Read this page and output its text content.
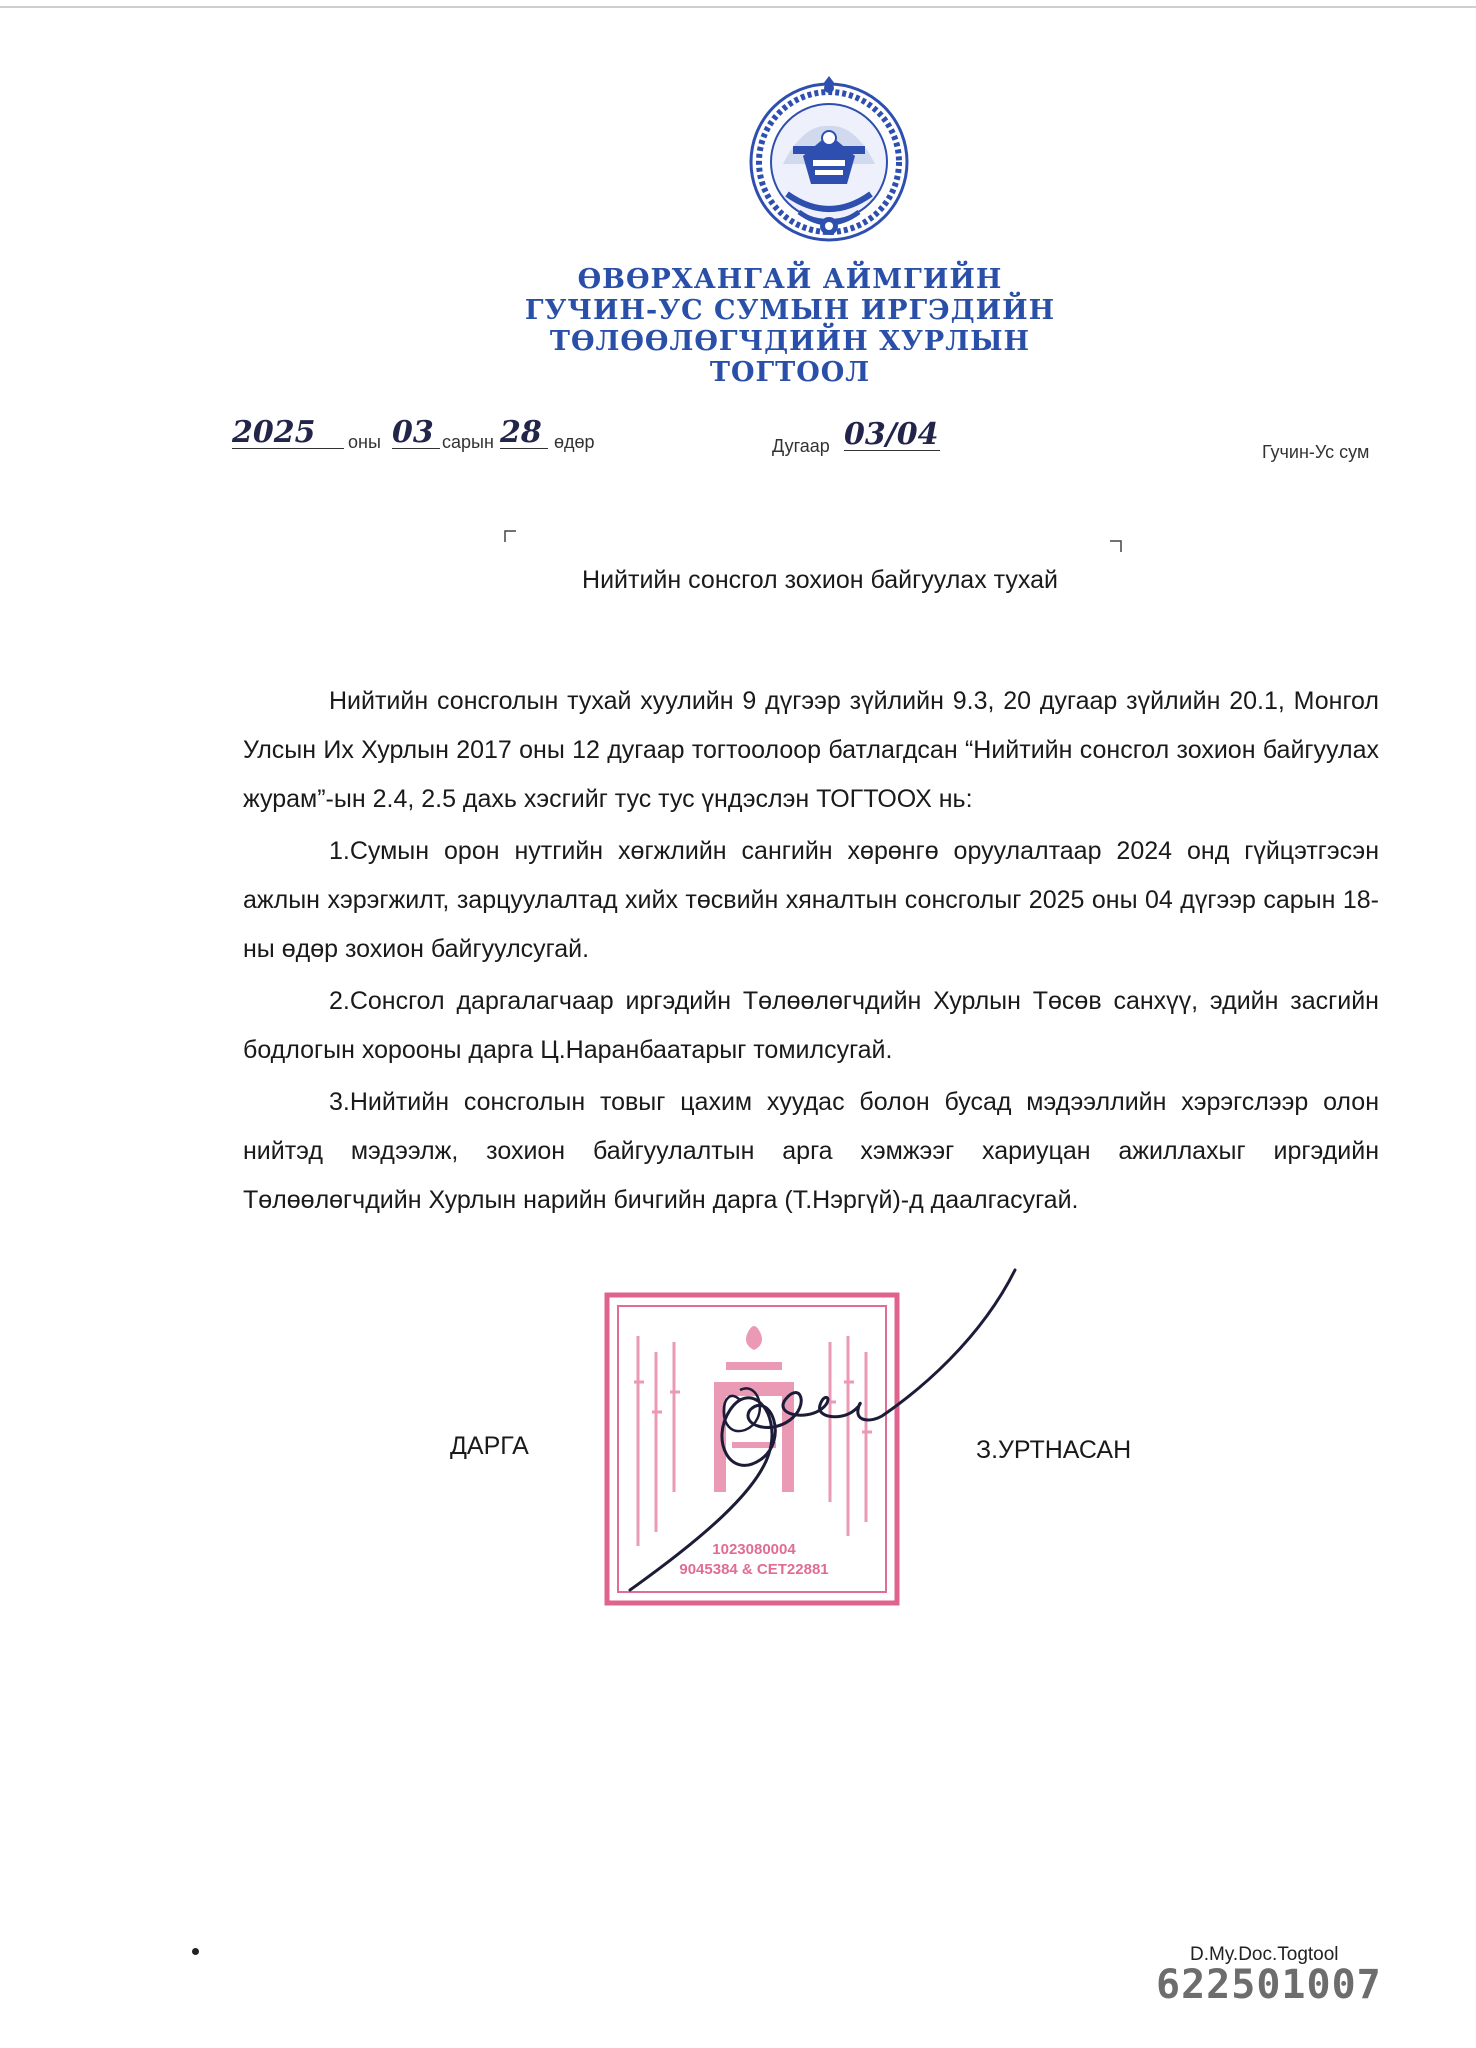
ӨВӨРХАНГАЙ АЙМГИЙН
ГУЧИН-УС СУМЫН ИРГЭДИЙН
ТӨЛӨӨЛӨГЧДИЙН ХУРЛЫН
ТОГТООЛ
2025	оны 03 сарын 28 өдөр	Дугаар 03/04	Гучин-Ус сум
Нийтийн сонсгол зохион байгуулах тухай

Нийтийн сонсголын тухай хуулийн 9 дүгээр зүйлийн 9.3, 20 дугаар зүйлийн 20.1, Монгол Улсын Их Хурлын 2017 оны 12 дугаар тогтоолоор батлагдсан “Нийтийн сонсгол зохион байгуулах журам”-ын 2.4, 2.5 дахь хэсгийг тус тус үндэслэн ТОГТООХ нь:

1.Сумын орон нутгийн хөгжлийн сангийн хөрөнгө оруулалтаар 2024 онд гүйцэтгэсэн ажлын хэрэгжилт, зарцуулалтад хийх төсвийн хяналтын сонсголыг 2025 оны 04 дүгээр сарын 18-ны өдөр зохион байгуулсугай.

2.Сонсгол даргалагчаар иргэдийн Төлөөлөгчдийн Хурлын Төсөв санхүү, эдийн засгийн бодлогын хорооны дарга Ц.Наранбаатарыг томилсугай.

3.Нийтийн сонсголын товыг цахим хуудас болон бусад мэдээллийн хэрэгслээр олон нийтэд мэдээлж, зохион байгуулалтын арга хэмжээг хариуцан ажиллахыг иргэдийн Төлөөлөгчдийн Хурлын нарийн бичгийн дарга (Т.Нэргүй)-д даалгасугай.

1023080004
9045384 & СЕТ22881
ДАРГА	З.УРТНАСАН
D.My.Doc.Togtool
622501007
